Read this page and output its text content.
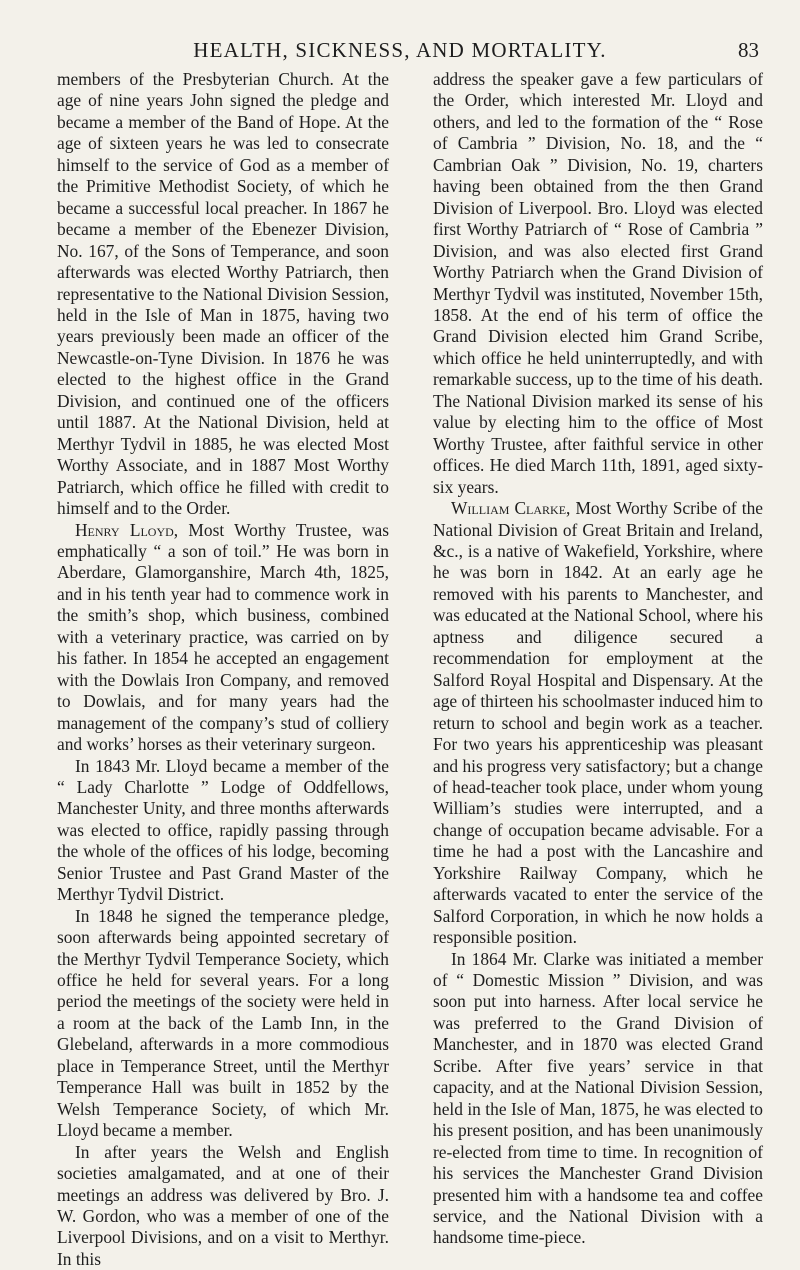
HEALTH, SICKNESS, AND MORTALITY.	83

members of the Presbyterian Church. At the age of nine years John signed the pledge and became a member of the Band of Hope. At the age of sixteen years he was led to consecrate himself to the service of God as a member of the Primitive Methodist Society, of which he became a successful local preacher. In 1867 he became a member of the Ebenezer Division, No. 167, of the Sons of Temperance, and soon afterwards was elected Worthy Patriarch, then representative to the National Division Session, held in the Isle of Man in 1875, having two years previously been made an officer of the Newcastle-on-Tyne Division. In 1876 he was elected to the highest office in the Grand Division, and continued one of the officers until 1887. At the National Division, held at Merthyr Tydvil in 1885, he was elected Most Worthy Associate, and in 1887 Most Worthy Patriarch, which office he filled with credit to himself and to the Order.

Henry Lloyd, Most Worthy Trustee, was emphatically “ a son of toil.” He was born in Aberdare, Glamorganshire, March 4th, 1825, and in his tenth year had to commence work in the smith’s shop, which business, combined with a veterinary practice, was carried on by his father. In 1854 he accepted an engagement with the Dowlais Iron Company, and removed to Dowlais, and for many years had the management of the company’s stud of colliery and works’ horses as their veterinary surgeon.

In 1843 Mr. Lloyd became a member of the “ Lady Charlotte ” Lodge of Oddfellows, Manchester Unity, and three months afterwards was elected to office, rapidly passing through the whole of the offices of his lodge, becoming Senior Trustee and Past Grand Master of the Merthyr Tydvil District.

In 1848 he signed the temperance pledge, soon afterwards being appointed secretary of the Merthyr Tydvil Temperance Society, which office he held for several years. For a long period the meetings of the society were held in a room at the back of the Lamb Inn, in the Glebeland, afterwards in a more commodious place in Temperance Street, until the Merthyr Temperance Hall was built in 1852 by the Welsh Temperance Society, of which Mr. Lloyd became a member.

In after years the Welsh and English societies amalgamated, and at one of their meetings an address was delivered by Bro. J. W. Gordon, who was a member of one of the Liverpool Divisions, and on a visit to Merthyr. In this

address the speaker gave a few particulars of the Order, which interested Mr. Lloyd and others, and led to the formation of the “ Rose of Cambria ” Division, No. 18, and the “ Cambrian Oak ” Division, No. 19, charters having been obtained from the then Grand Division of Liverpool. Bro. Lloyd was elected first Worthy Patriarch of “ Rose of Cambria ” Division, and was also elected first Grand Worthy Patriarch when the Grand Division of Merthyr Tydvil was instituted, November 15th, 1858. At the end of his term of office the Grand Division elected him Grand Scribe, which office he held uninterruptedly, and with remarkable success, up to the time of his death. The National Division marked its sense of his value by electing him to the office of Most Worthy Trustee, after faithful service in other offices. He died March 11th, 1891, aged sixty-six years.

William Clarke, Most Worthy Scribe of the National Division of Great Britain and Ireland, &c., is a native of Wakefield, Yorkshire, where he was born in 1842. At an early age he removed with his parents to Manchester, and was educated at the National School, where his aptness and diligence secured a recommendation for employment at the Salford Royal Hospital and Dispensary. At the age of thirteen his schoolmaster induced him to return to school and begin work as a teacher. For two years his apprenticeship was pleasant and his progress very satisfactory; but a change of head-teacher took place, under whom young William’s studies were interrupted, and a change of occupation became advisable. For a time he had a post with the Lancashire and Yorkshire Railway Company, which he afterwards vacated to enter the service of the Salford Corporation, in which he now holds a responsible position.

In 1864 Mr. Clarke was initiated a member of “ Domestic Mission ” Division, and was soon put into harness. After local service he was preferred to the Grand Division of Manchester, and in 1870 was elected Grand Scribe. After five years’ service in that capacity, and at the National Division Session, held in the Isle of Man, 1875, he was elected to his present position, and has been unanimously re-elected from time to time. In recognition of his services the Manchester Grand Division presented him with a handsome tea and coffee service, and the National Division with a handsome time-piece.
